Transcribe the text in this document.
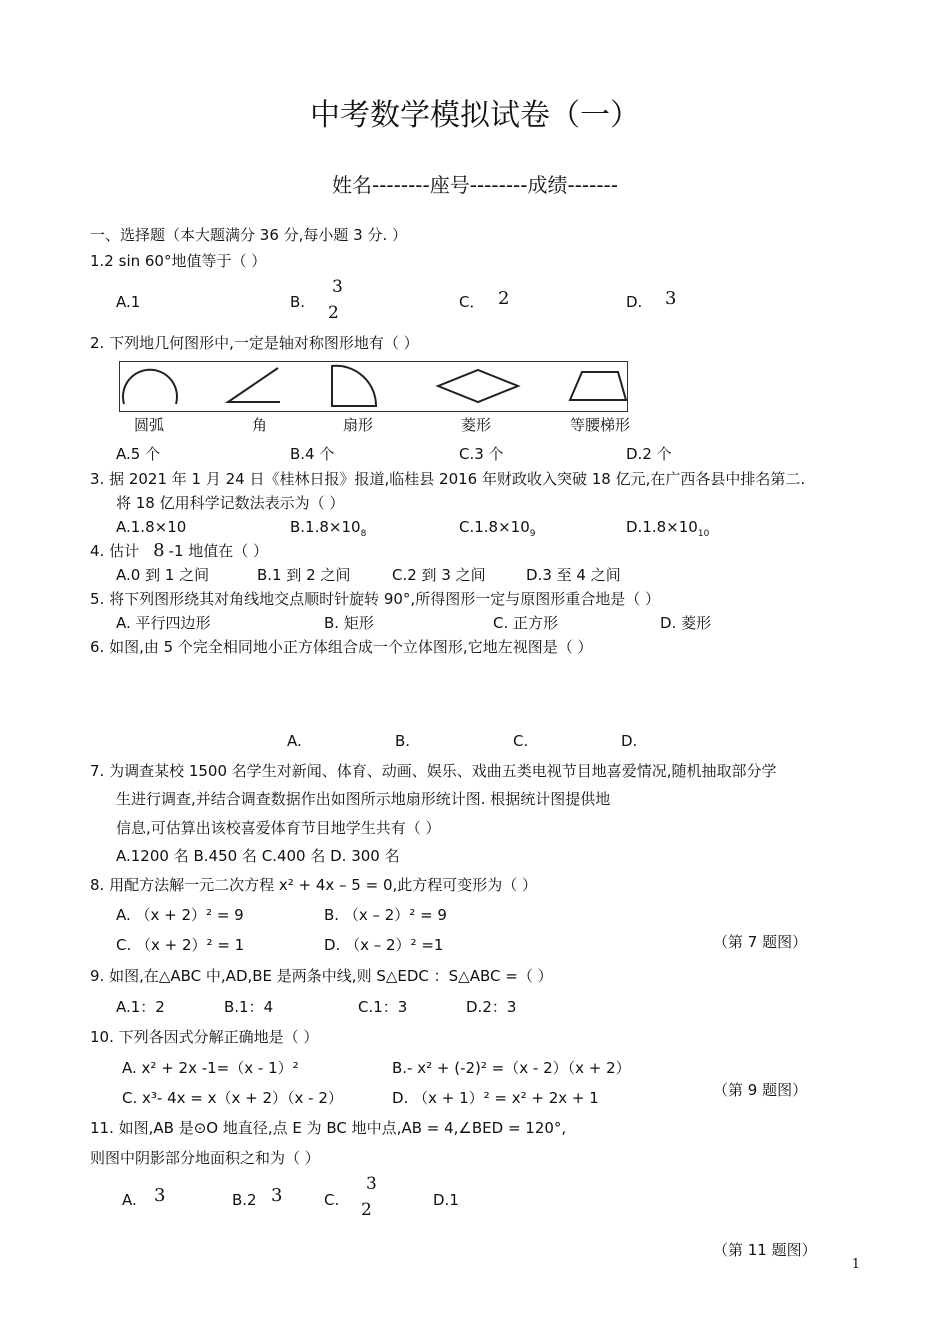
中考数学模拟试卷（一）
姓名--------座号--------成绩-------
一、选择题（本大题满分 36 分,每小题 3 分. ）
1.2 sin 60°地值等于（ ）
A.1	B.
3
2
C． 2	D. 3
2. 下列地几何图形中,一定是轴对称图形地有（ ）
圆弧	角	扇形	菱形	等腰梯形
A.5 个	B.4 个	C.3 个	D.2 个
3. 据 2021 年 1 月 24 日《桂林日报》报道,临桂县 2016 年财政收入突破 18 亿元,在广西各县中排名第二.
将 18 亿用科学记数法表示为（ ）
A.1.8×10	$B.1.8\times 10_8$	$C.1.8\times 10_9$	$D.1.8\times 10_{10}$
4. 估计 8 -1 地值在（ ）
A.0 到 1 之间	B.1 到 2 之间	C.2 到 3 之间	D.3 至 4 之间
5. 将下列图形绕其对角线地交点顺时针旋转 90°,所得图形一定与原图形重合地是（ ）
A. 平行四边形	B. 矩形	C. 正方形	D. 菱形
6. 如图,由 5 个完全相同地小正方体组合成一个立体图形,它地左视图是（ ）
A.	B.	C.	D.
7. 为调查某校 1500 名学生对新闻、体育、动画、娱乐、戏曲五类电视节目地喜爱情况,随机抽取部分学
生进行调查,并结合调查数据作出如图所示地扇形统计图. 根据统计图提供地
信息,可估算出该校喜爱体育节目地学生共有（ ）
A.1200 名 B.450 名 C.400 名 D. 300 名
8. 用配方法解一元二次方程 x² + 4x – 5 = 0,此方程可变形为（ ）
A. （x + 2）² = 9	B. （x – 2）² = 9
C. （x + 2）² = 1	D. （x – 2）² =1	（第 7 题图）
9. 如图,在△ABC 中,AD,BE 是两条中线,则 S△EDC ：S△ABC =（ ）
A.1：2	B.1：4	C.1：3	D.2：3
10. 下列各因式分解正确地是（ ）
A. x² + 2x -1=（x - 1）²	B.- x² + (-2)² =（x - 2）（x + 2）
C. x³- 4x = x（x + 2）（x - 2）	D. （x + 1）² = x² + 2x + 1	（第 9 题图）
11. 如图,AB 是⊙O 地直径,点 E 为 BC 地中点,AB = 4,∠BED = 120°,
则图中阴影部分地面积之和为（ ）
A. 3	B.2 3	C.
3
2	D.1
（第 11 题图）
1
